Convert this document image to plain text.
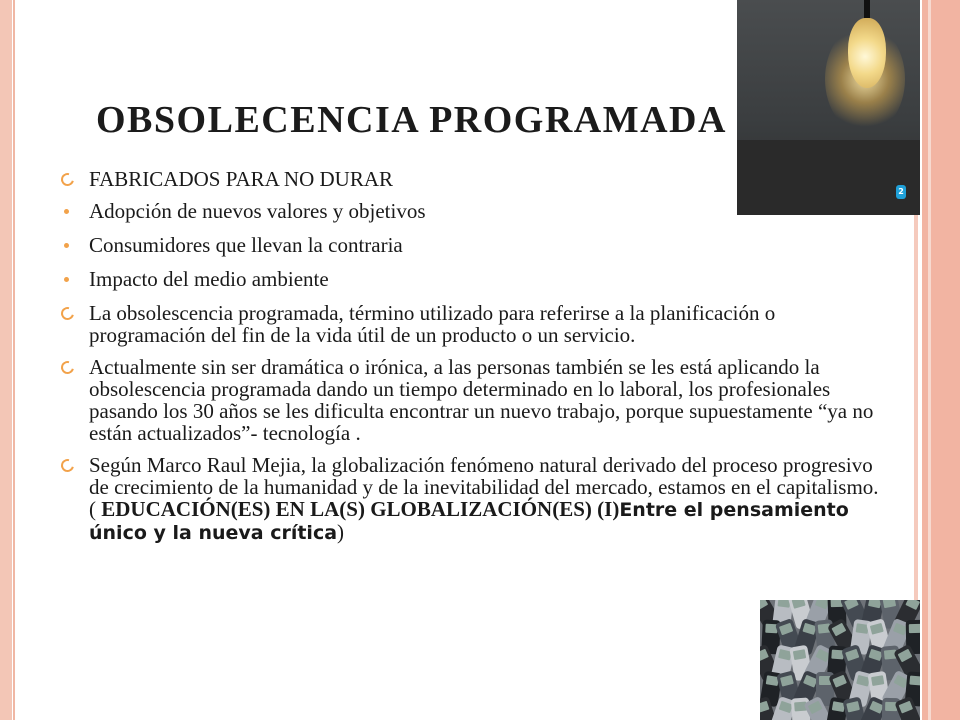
OBSOLECENCIA PROGRAMADA
2
FABRICADOS PARA NO DURAR
Adopción de nuevos valores y objetivos
Consumidores que llevan la contraria
Impacto del medio ambiente
La obsolescencia programada, término utilizado para referirse a la planificación o programación del fin de la vida útil de un producto o un servicio.
Actualmente sin ser dramática o irónica, a las personas también se les está aplicando la obsolescencia programada dando un tiempo determinado en lo laboral, los profesionales pasando los 30 años se les dificulta encontrar un nuevo trabajo, porque supuestamente “ya no están actualizados”- tecnología .
Según Marco Raul Mejia, la globalización fenómeno natural derivado del proceso progresivo de crecimiento de la humanidad y de la inevitabilidad del mercado, estamos en el capitalismo. ( EDUCACIÓN(ES) EN LA(S) GLOBALIZACIÓN(ES) (I)Entre el pensamiento único y la nueva crítica)
